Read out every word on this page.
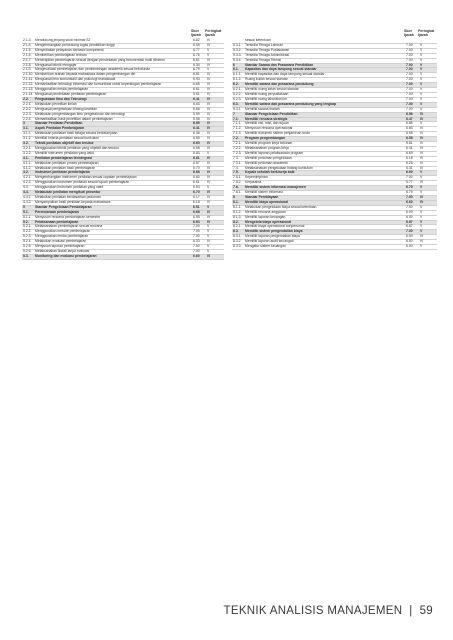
Skor Ijazah
Peringkat Ijazah
2.1.3.	Mendukung jenjang studi minimal S2	6.82	IV
2.1.4.	Mengembangkan pendukung tugas pendidikan tinggi	6.59	IV
2.1.5.	Menyediakan pelayanan berbasis kompetensi	6.77	V
2.1.6.	Memberikan pembelajaran terbaru	6.76	V
2.1.7.	Menerapkan pembelajaran sesuai dengan pendekatan yang berorientasi multi dimensi	6.51	IV
2.1.8.	Menguasai teknik mengajar	6.30	IV
2.1.9.	Mengevaluasi pembelajaran dan pembimbingan akademik sesuai kebutuhan	6.79	V
2.1.10. Memberikan arahan kepada mahasiswa dalam pengembangan diri	6.51	IV
2.1.11. Menguasai ilmu komunikasi dan psikologi mahasiswa	6.93	IV
2.1.12. Memanfaatkan teknologi informasi dan komunikasi untuk kepentingan pembelajaran	6.65	IV
2.1.13. Menggunakan media pembelajaran	6.61	IV
2.1.14. Menguasai pendekatan penilaian pembelajaran	5.51	IV
2.2.	Penguasaan Ilmu dan Teknologi	6.41	IV
2.2.1.	Melakukan penelitian ilmiah	6.63	IV
2.2.2.	Menguasai pengetahuan bidang keahlian	6.68	IV
2.2.3.	Melakukan pengembangan ilmu pengetahuan dan teknologi	5.99	IV
2.2.4.	Memanfaatkan hasil penelitian dalam pembelajaran	5.98	IV
3	Standar Penilaian Pendidikan	6.65	IV
3.1.	Aspek Penilaian Pembelajaran	6.41	IV
3.1.1.	Melakukan penilaian hasil belajar secara berkelanjutan	6.36	IV
3.1.2.	Memiliki kriteria penilaian sesuai kurikulum	6.55	IV
3.2.	Teknik penilaian objektif dan terukur	6.60	IV
3.2.1.	Menggunakan teknik penilaian yang objektif dan terukur	6.58	IV
3.2.2.	Memiliki instrumen penilaian yang valid	6.83	V
4.1.	Penilaian pembelajaran terintegrasi	6.61	IV
4.1.1.	Melakukan penilaian proses pembelajaran	6.57	IV
4.1.2.	Melakukan penilaian hasil pembelajaran	6.70	IV
4.2.	Instrumen penilaian pembelajaran	6.68	IV
4.2.1.	Mengembangkan instrumen penilaian sesuai capaian pembelajaran	6.60	IV
4.2.2.	Menggunakan instrumen penilaian sesuai tujuan pembelajaran	6.61	IV
4.3.	Menggunakan instrumen penilaian yang valid	6.53	V
4.4.	Melakukan penilaian mengikuti prosedur	6.70	IV
4.4.1.	Melakukan penilaian berdasarkan pedoman	6.17	IV
4.4.2.	Menyampaikan hasil penilaian kepada mahasiswa	6.18	IV
5	Standar Pengelolaan Pembelajaran	6.51	V
5.1.	Perencanaan pembelajaran	6.68	IV
5.1.1.	Menyusun rencana pembelajaran semester	6.95	IV
5.2.	Pelaksanaan pembelajaran	6.93	IV
5.2.1.	Melaksanakan pembelajaran sesuai rencana	7.00	V
5.2.2.	Menggunakan metode pembelajaran	7.00	V
5.2.3.	Menggunakan media pembelajaran	7.00	V
5.2.4.	Melakukan evaluasi pembelajaran	6.33	IV
5.2.5.	Menyusun laporan pembelajaran	7.00	V
5.2.6.	Melaksanakan tindak lanjut evaluasi	7.00	V
5.3.	Monitoring dan evaluasi pembelajaran	6.60	IV
Skor Ijazah
Peringkat Ijazah
sesuai ketentuan
5.3.1.	Tersedia Tenaga Laboran	7.00	V
5.3.2.	Tersedia Tenaga Pustakawan	7.00	V
5.3.3.	Tersedia Tenaga Administrasi	7.00	V
5.3.4.	Tersedia Tenaga Teknisi	7.00	V
6	Standar Sarana dan Prasarana Pendidikan	7.00	V
6.1.	Kapasitas dan daya tampung sesuai standar	7.00	V
6.1.1.	Memiliki kapasitas dan daya tampung sesuai standar	7.00	V
6.1.2.	Ruang kuliah sesuai standar	7.00	V
6.2.	Memiliki sarana dan prasarana pendukung	7.00	V
6.2.1.	Memiliki ruang kelas sesuai standar	7.00	V
6.2.2.	Memiliki ruang perpustakaan	7.00	V
6.2.3.	Memiliki ruang laboratorium	7.00	V
6.3.	Memiliki sarana dan prasarana pendukung yang lengkap	7.00	V
6.3.1.	Memiliki sarana ibadah	7.00	V
7	Standar Pengelolaan Pendidikan	6.56	IV
7.1.	Memiliki rencana strategis	6.47	IV
7.1.1.	Memiliki visi, misi, dan tujuan	6.85	V
7.1.2.	Menyusun rencana operasional	6.83	IV
7.1.3.	Memiliki dokumen sistem penjaminan mutu	5.95	IV
7.2.	Program pengembangan	6.58	IV
7.2.1.	Memiliki program kerja tahunan	5.81	IV
7.2.2.	Melaksanakan program kerja	6.41	IV
7.2.3.	Memiliki laporan pelaksanaan program	6.69	IV
7.3.	Memiliki pedoman pengelolaan	6.18	IV
7.3.1.	Memiliki pedoman akademik	6.26	IV
7.4.	Melaksanakan pengelolaan bidang kurikulum	6.31	IV
7.5.	Kepala sekolah berkinerja baik	6.60	V
7.5.1.	Kepemimpinan	7.00	V
7.5.2.	Kerjasama	5.77	IV
7.6.	Memiliki sistem informasi manajemen	6.79	V
7.6.1.	Memiliki sistem informasi	6.75	V
8	Standar Pembiayaan	7.00	IV
8.1.	Memiliki biaya operasional	6.60	IV
8.1.1.	Melakukan pengelolaan biaya sesuai ketentuan	7.00	V
8.1.2.	Memiliki rencana anggaran	6.00	V
8.1.3.	Memiliki laporan keuangan	6.00	V
8.2.	Mengelola biaya operasional	6.87	V
8.2.1.	Memiliki biaya operasional nonpersonal	6.67	V
8.3.	Memiliki sistem pengendalian biaya	7.00	V
8.3.1.	Memiliki laporan pengendalian biaya	6.50	IV
8.3.2.	Memiliki laporan audit keuangan	6.50	IV
8.3.3.	Mengatur sistem keuangan	6.00	V
TEKNIK ANALISIS MANAJEMEN | 59
